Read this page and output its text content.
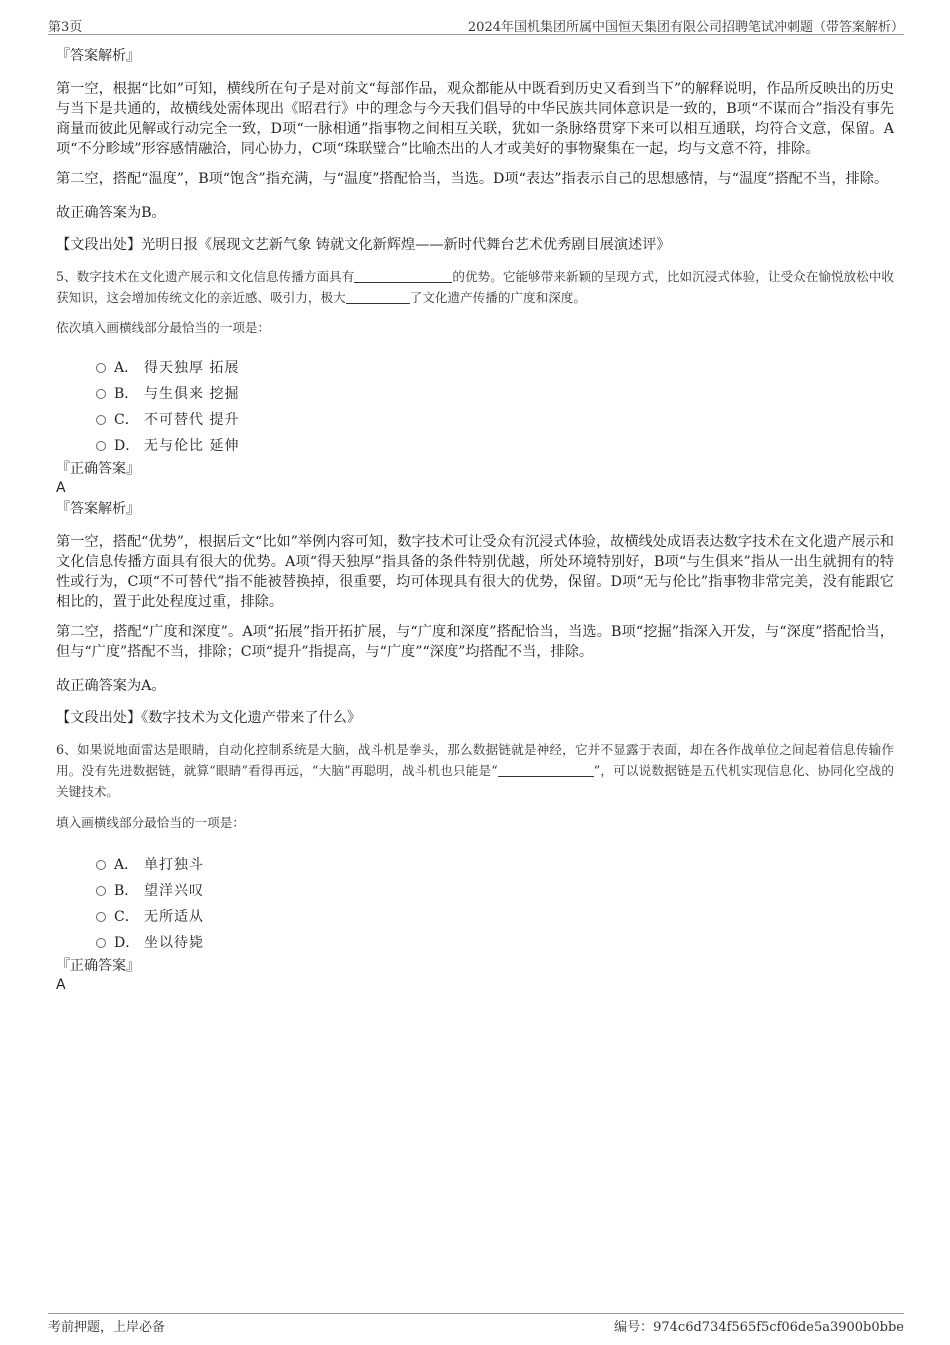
第3页	2024年国机集团所属中国恒天集团有限公司招聘笔试冲刺题（带答案解析）

『答案解析』

第一空，根据“比如”可知，横线所在句子是对前文“每部作品，观众都能从中既看到历史又看到当下”的解释说明，作品所反映出的历史与当下是共通的，故横线处需体现出《昭君行》中的理念与今天我们倡导的中华民族共同体意识是一致的，B项“不谋而合”指没有事先商量而彼此见解或行动完全一致，D项“一脉相通”指事物之间相互关联，犹如一条脉络贯穿下来可以相互通联，均符合文意，保留。A项“不分畛域”形容感情融洽，同心协力，C项“珠联璧合”比喻杰出的人才或美好的事物聚集在一起，均与文意不符，排除。

第二空，搭配“温度”，B项“饱含”指充满，与“温度”搭配恰当，当选。D项“表达”指表示自己的思想感情，与“温度”搭配不当，排除。

故正确答案为B。

【文段出处】光明日报《展现文艺新气象 铸就文化新辉煌——新时代舞台艺术优秀剧目展演述评》

5、数字技术在文化遗产展示和文化信息传播方面具有	的优势。它能够带来新颖的呈现方式，比如沉浸式体验，让受众在愉悦放松中收获知识，这会增加传统文化的亲近感、吸引力，极大	了文化遗产传播的广度和深度。

依次填入画横线部分最恰当的一项是：

A． 得天独厚 拓展
B． 与生俱来 挖掘
C． 不可替代 提升
D． 无与伦比 延伸

『正确答案』

A

『答案解析』

第一空，搭配“优势”，根据后文“比如”举例内容可知，数字技术可让受众有沉浸式体验，故横线处成语表达数字技术在文化遗产展示和文化信息传播方面具有很大的优势。A项“得天独厚”指具备的条件特别优越，所处环境特别好，B项“与生俱来”指从一出生就拥有的特性或行为，C项“不可替代”指不能被替换掉，很重要，均可体现具有很大的优势，保留。D项“无与伦比”指事物非常完美，没有能跟它相比的，置于此处程度过重，排除。

第二空，搭配“广度和深度”。A项“拓展”指开拓扩展，与“广度和深度”搭配恰当，当选。B项“挖掘”指深入开发，与“深度”搭配恰当，但与“广度”搭配不当，排除；C项“提升”指提高，与“广度”“深度”均搭配不当，排除。

故正确答案为A。

【文段出处】《数字技术为文化遗产带来了什么》

6、如果说地面雷达是眼睛，自动化控制系统是大脑，战斗机是拳头，那么数据链就是神经，它并不显露于表面，却在各作战单位之间起着信息传输作用。没有先进数据链，就算“眼睛”看得再远，“大脑”再聪明，战斗机也只能是“	”，可以说数据链是五代机实现信息化、协同化空战的关键技术。

填入画横线部分最恰当的一项是：

A． 单打独斗
B． 望洋兴叹
C． 无所适从
D． 坐以待毙

『正确答案』

A

考前押题，上岸必备	编号：974c6d734f565f5cf06de5a3900b0bbe
